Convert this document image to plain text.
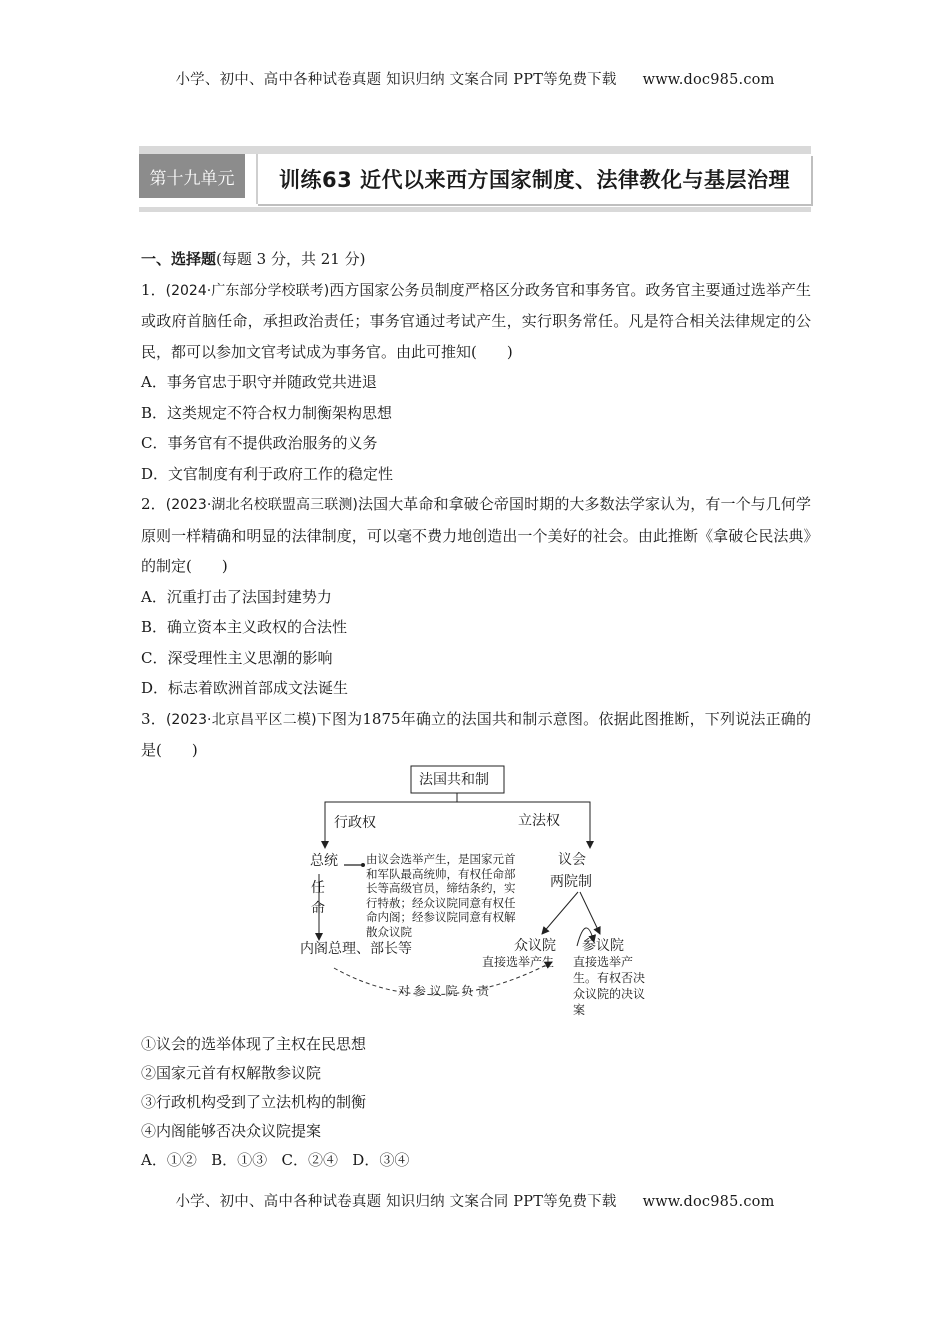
小学、初中、高中各种试卷真题 知识归纳 文案合同 PPT等免费下载 www.doc985.com
第十九单元	训练63 近代以来西方国家制度、法律教化与基层治理

一、选择题(每题 3 分，共 21 分)

1．(2024·广东部分学校联考)西方国家公务员制度严格区分政务官和事务官。政务官主要通过选举产生或政府首脑任命，承担政治责任；事务官通过考试产生，实行职务常任。凡是符合相关法律规定的公民，都可以参加文官考试成为事务官。由此可推知(　　)

A．事务官忠于职守并随政党共进退

B．这类规定不符合权力制衡架构思想

C．事务官有不提供政治服务的义务

D．文官制度有利于政府工作的稳定性

2．(2023·湖北名校联盟高三联测)法国大革命和拿破仑帝国时期的大多数法学家认为，有一个与几何学原则一样精确和明显的法律制度，可以毫不费力地创造出一个美好的社会。由此推断《拿破仑民法典》的制定(　　)

A．沉重打击了法国封建势力

B．确立资本主义政权的合法性

C．深受理性主义思潮的影响

D．标志着欧洲首部成文法诞生

3．(2023·北京昌平区二模)下图为1875年确立的法国共和制示意图。依据此图推断，下列说法正确的是(　　)

法国共和制
行政权	立法权
总统 由议会选举产生，是国家元首和军队最高统帅，有权任命部长等高级官员，缔结条约，实行特赦；经众议院同意有权任命内阁；经参议院同意有权解散众议院
任命
内阁总理、部长等
议会
两院制
众议院
直接选举产生
参议院
直接选举产生。有权否决众议院的决议案
对 参 议 院 负 责

①议会的选举体现了主权在民思想

②国家元首有权解散参议院

③行政机构受到了立法机构的制衡

④内阁能够否决众议院提案

A．①② B．①③ C．②④ D．③④

小学、初中、高中各种试卷真题 知识归纳 文案合同 PPT等免费下载 www.doc985.com
